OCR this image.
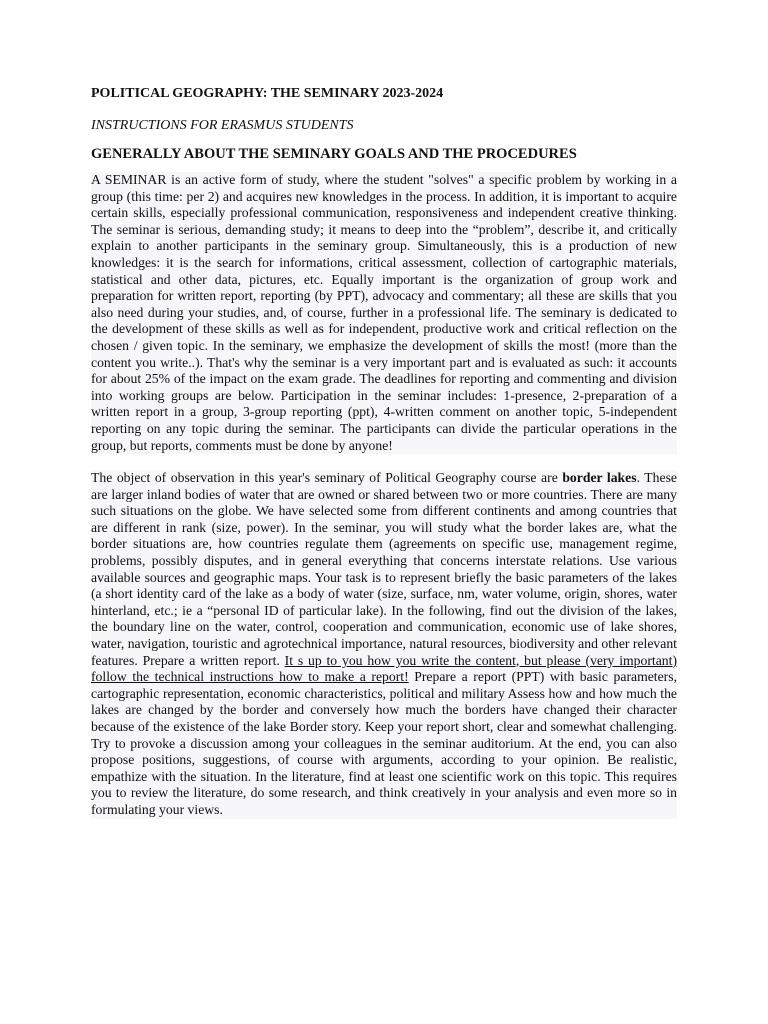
POLITICAL GEOGRAPHY: THE SEMINARY 2023-2024
INSTRUCTIONS FOR ERASMUS STUDENTS
GENERALLY ABOUT THE SEMINARY GOALS AND THE PROCEDURES

A SEMINAR is an active form of study, where the student "solves" a specific problem by working in a group (this time: per 2) and acquires new knowledges in the process. In addition, it is important to acquire certain skills, especially professional communication, responsiveness and independent creative thinking. The seminar is serious, demanding study; it means to deep into the “problem”, describe it, and critically explain to another participants in the seminary group. Simultaneously, this is a production of new knowledges: it is the search for informations, critical assessment, collection of cartographic materials, statistical and other data, pictures, etc. Equally important is the organization of group work and preparation for written report, reporting (by PPT), advocacy and commentary; all these are skills that you also need during your studies, and, of course, further in a professional life. The seminary is dedicated to the development of these skills as well as for independent, productive work and critical reflection on the chosen / given topic. In the seminary, we emphasize the development of skills the most! (more than the content you write..). That's why the seminar is a very important part and is evaluated as such: it accounts for about 25% of the impact on the exam grade. The deadlines for reporting and commenting and division into working groups are below. Participation in the seminar includes: 1-presence, 2-preparation of a written report in a group, 3-group reporting (ppt), 4-written comment on another topic, 5-independent reporting on any topic during the seminar. The participants can divide the particular operations in the group, but reports, comments must be done by anyone!

The object of observation in this year's seminary of Political Geography course are border lakes. These are larger inland bodies of water that are owned or shared between two or more countries. There are many such situations on the globe. We have selected some from different continents and among countries that are different in rank (size, power). In the seminar, you will study what the border lakes are, what the border situations are, how countries regulate them (agreements on specific use, management regime, problems, possibly disputes, and in general everything that concerns interstate relations. Use various available sources and geographic maps. Your task is to represent briefly the basic parameters of the lakes (a short identity card of the lake as a body of water (size, surface, nm, water volume, origin, shores, water hinterland, etc.; ie a “personal ID of particular lake). In the following, find out the division of the lakes, the boundary line on the water, control, cooperation and communication, economic use of lake shores, water, navigation, touristic and agrotechnical importance, natural resources, biodiversity and other relevant features. Prepare a written report. It s up to you how you write the content, but please (very important) follow the technical instructions how to make a report! Prepare a report (PPT) with basic parameters, cartographic representation, economic characteristics, political and military Assess how and how much the lakes are changed by the border and conversely how much the borders have changed their character because of the existence of the lake Border story. Keep your report short, clear and somewhat challenging. Try to provoke a discussion among your colleagues in the seminar auditorium. At the end, you can also propose positions, suggestions, of course with arguments, according to your opinion. Be realistic, empathize with the situation. In the literature, find at least one scientific work on this topic. This requires you to review the literature, do some research, and think creatively in your analysis and even more so in formulating your views.
